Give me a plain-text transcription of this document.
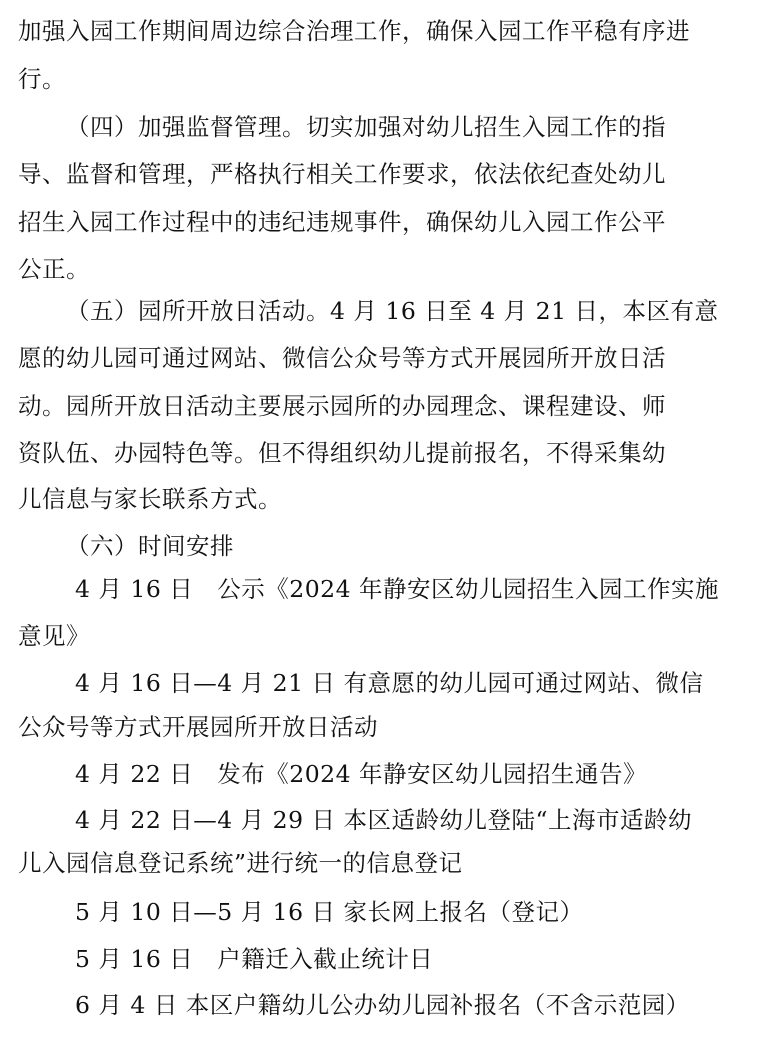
加强入园工作期间周边综合治理工作，确保入园工作平稳有序进
行。
（四）加强监督管理。切实加强对幼儿招生入园工作的指
导、监督和管理，严格执行相关工作要求，依法依纪查处幼儿
招生入园工作过程中的违纪违规事件，确保幼儿入园工作公平
公正。
（五）园所开放日活动。4 月 16 日至 4 月 21 日，本区有意
愿的幼儿园可通过网站、微信公众号等方式开展园所开放日活
动。园所开放日活动主要展示园所的办园理念、课程建设、师
资队伍、办园特色等。但不得组织幼儿提前报名，不得采集幼
儿信息与家长联系方式。
（六）时间安排
4 月 16 日　公示《2024 年静安区幼儿园招生入园工作实施
意见》
4 月 16 日—4 月 21 日 有意愿的幼儿园可通过网站、微信
公众号等方式开展园所开放日活动
4 月 22 日　发布《2024 年静安区幼儿园招生通告》
4 月 22 日—4 月 29 日 本区适龄幼儿登陆“上海市适龄幼
儿入园信息登记系统”进行统一的信息登记
5 月 10 日—5 月 16 日 家长网上报名（登记）
5 月 16 日　户籍迁入截止统计日
6 月 4 日 本区户籍幼儿公办幼儿园补报名（不含示范园）
